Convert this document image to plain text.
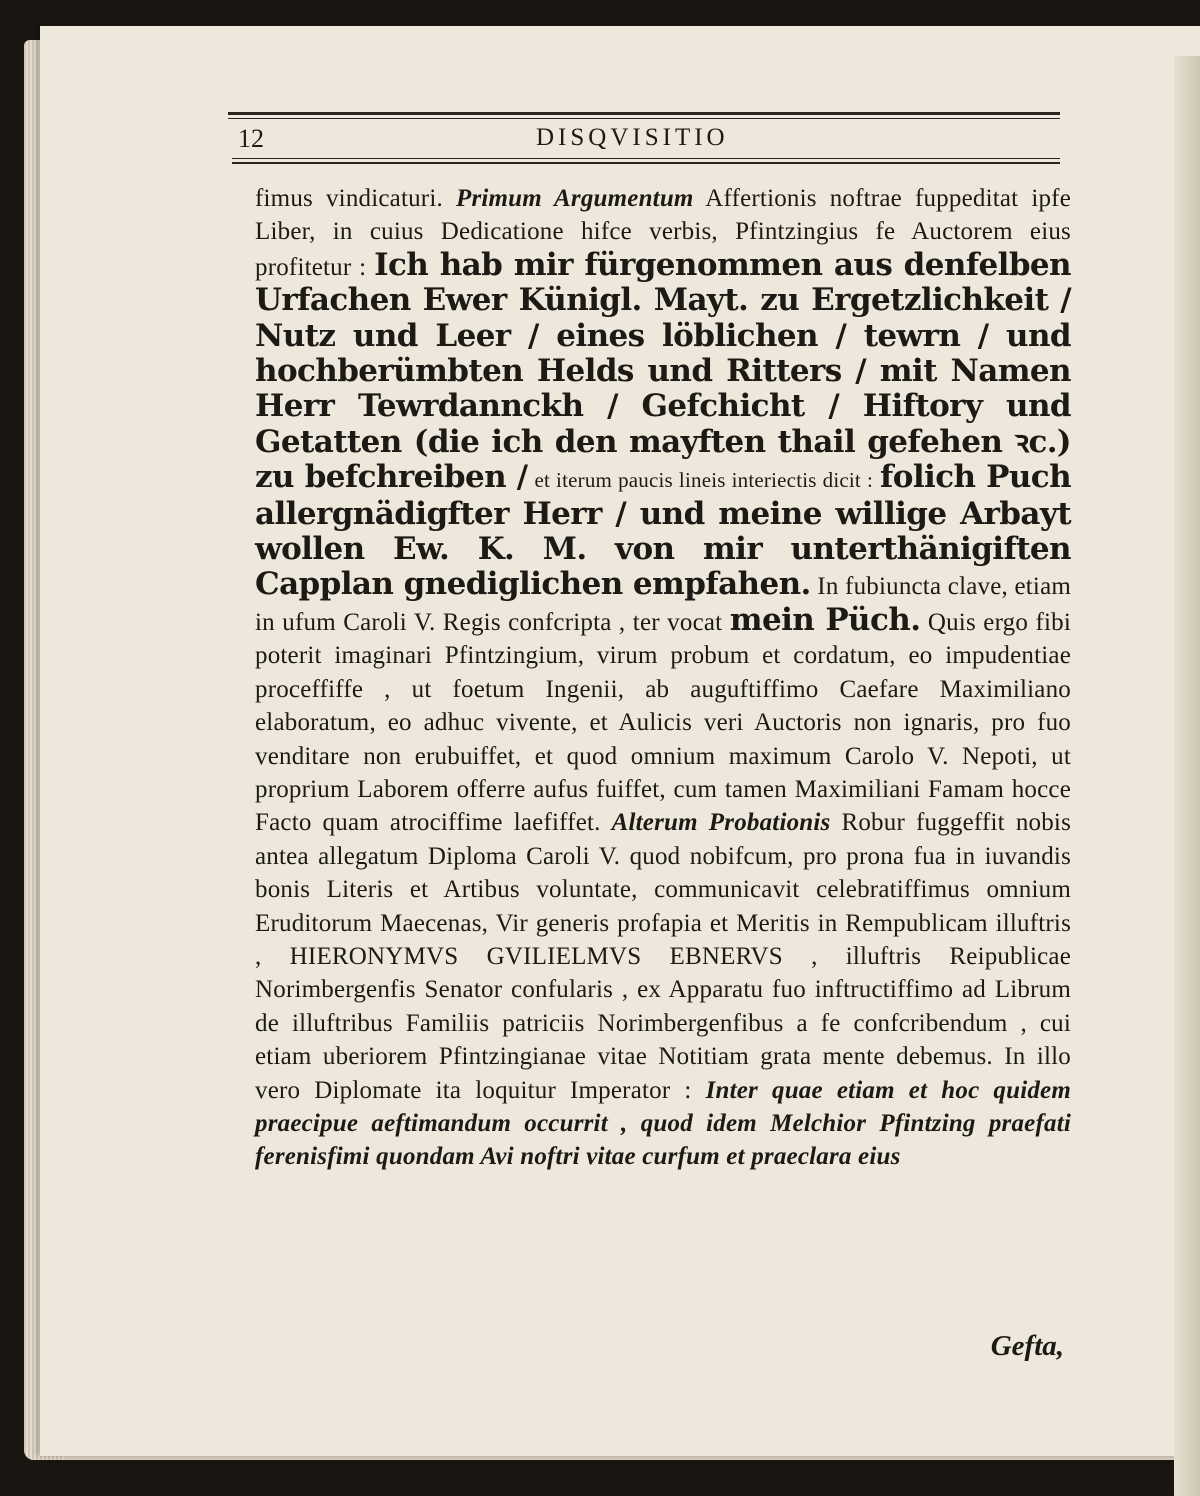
12	DISQVISITIO

fimus vindicaturi. Primum Argumentum Affertionis noftrae fuppeditat ipfe Liber, in cuius Dedicatione hifce verbis, Pfintzingius fe Auctorem eius profitetur : Ich hab mir fürgenommen aus denfelben Urfachen Ewer Künigl. Mayt. zu Ergetzlichkeit / Nutz und Leer / eines löblichen / tewrn / und hochberümbten Helds und Ritters / mit Namen Herr Tewrdannckh / Gefchicht / Hiftory und Getatten (die ich den mayften thail gefehen ꝛc.) zu befchreiben / et iterum paucis lineis interiectis dicit : folich Puch allergnädigfter Herr / und meine willige Arbayt wollen Ew. K. M. von mir unterthänigiften Capplan gnediglichen empfahen. In fubiuncta clave, etiam in ufum Caroli V. Regis confcripta , ter vocat mein Püch. Quis ergo fibi poterit imaginari Pfintzingium, virum probum et cordatum, eo impudentiae proceffiffe , ut foetum Ingenii, ab auguftiffimo Caefare Maximiliano elaboratum, eo adhuc vivente, et Aulicis veri Auctoris non ignaris, pro fuo venditare non erubuiffet, et quod omnium maximum Carolo V. Nepoti, ut proprium Laborem offerre aufus fuiffet, cum tamen Maximiliani Famam hocce Facto quam atrociffime laefiffet. Alterum Probationis Robur fuggeffit nobis antea allegatum Diploma Caroli V. quod nobifcum, pro prona fua in iuvandis bonis Literis et Artibus voluntate, communicavit celebratiffimus omnium Eruditorum Maecenas, Vir generis profapia et Meritis in Rempublicam illuftris , HIERONYMVS GVILIELMVS EBNERVS , illuftris Reipublicae Norimbergenfis Senator confularis , ex Apparatu fuo inftructiffimo ad Librum de illuftribus Familiis patriciis Norimbergenfibus a fe confcribendum , cui etiam uberiorem Pfintzingianae vitae Notitiam grata mente debemus. In illo vero Diplomate ita loquitur Imperator : Inter quae etiam et hoc quidem praecipue aeftimandum occurrit , quod idem Melchior Pfintzing praefati ferenisfimi quondam Avi noftri vitae curfum et praeclara eius

Gefta,
